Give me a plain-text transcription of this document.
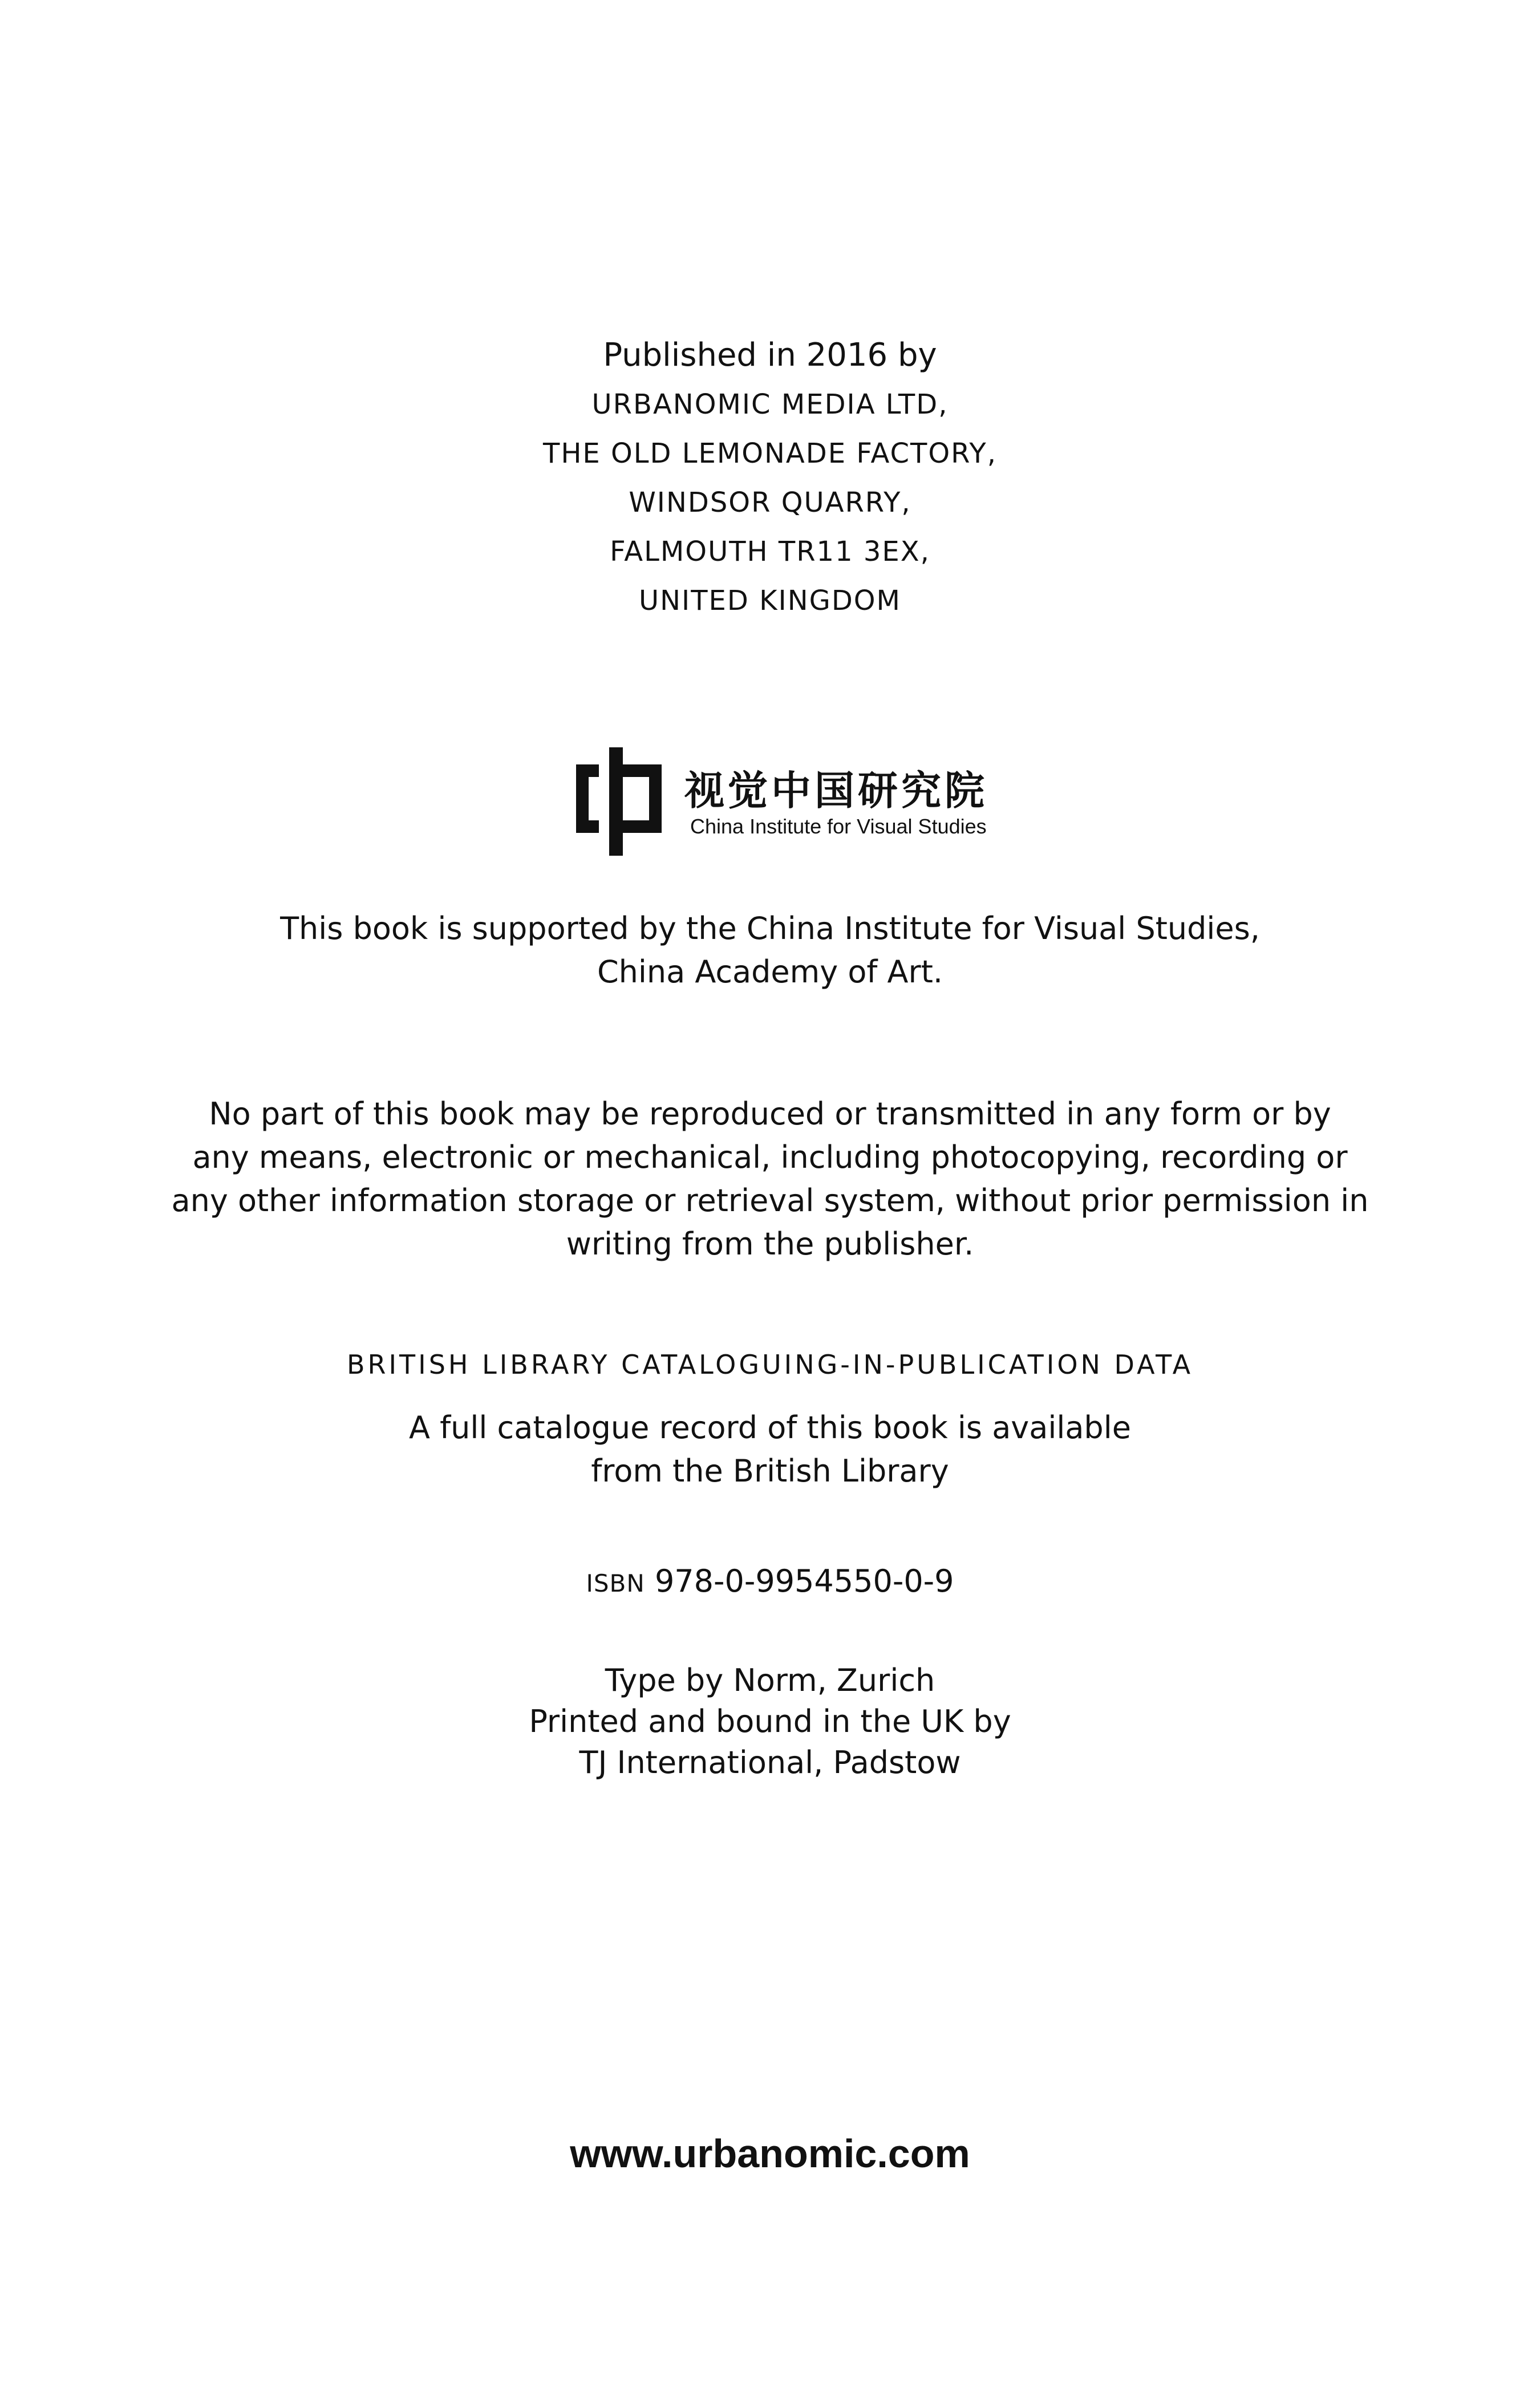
Published in 2016 by
URBANOMIC MEDIA LTD,
THE OLD LEMONADE FACTORY,
WINDSOR QUARRY,
FALMOUTH TR11 3EX,
UNITED KINGDOM
视觉中国研究院
China Institute for Visual Studies
This book is supported by the China Institute for Visual Studies,
China Academy of Art.
No part of this book may be reproduced or transmitted in any form or by
any means, electronic or mechanical, including photocopying, recording or
any other information storage or retrieval system, without prior permission in
writing from the publisher.
BRITISH LIBRARY CATALOGUING-IN-PUBLICATION DATA
A full catalogue record of this book is available
from the British Library
ISBN 978-0-9954550-0-9
Type by Norm, Zurich
Printed and bound in the UK by
TJ International, Padstow
www.urbanomic.com
